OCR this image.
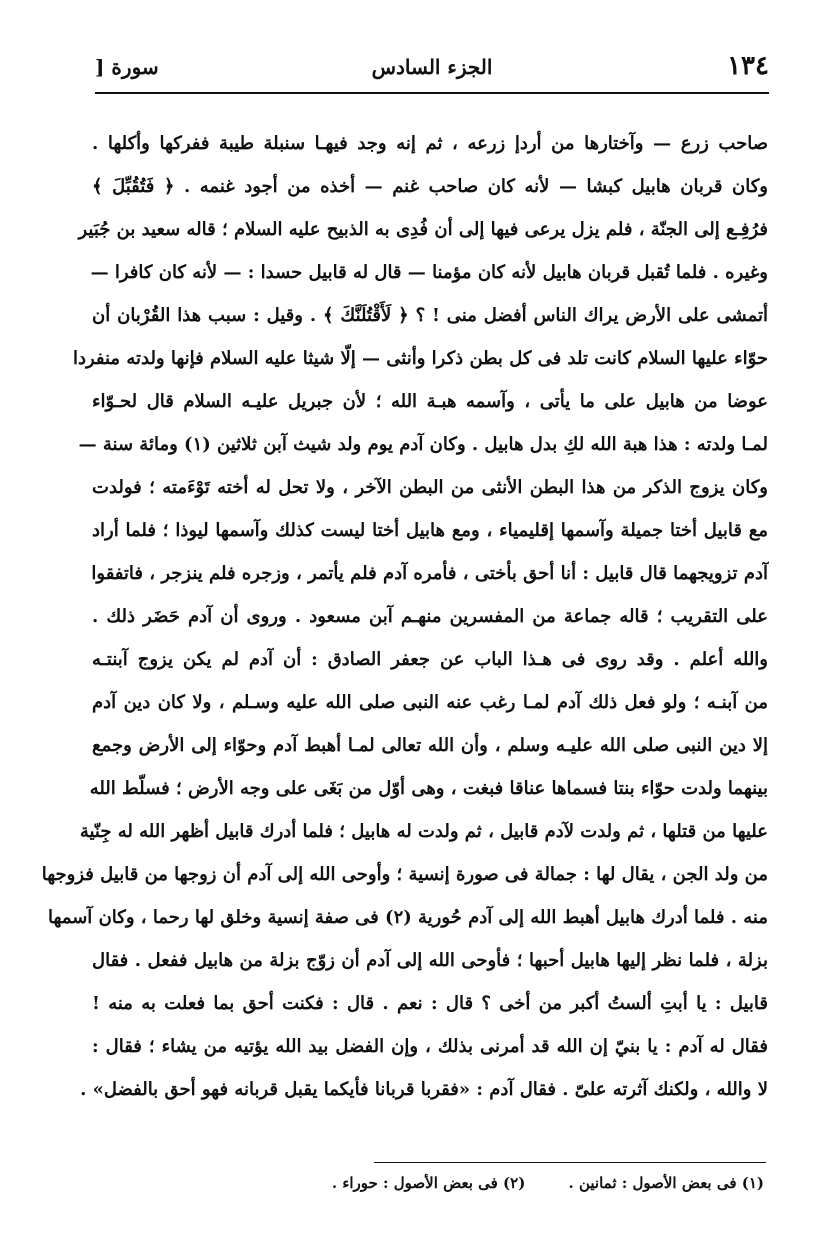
١٣٤
الجزء السادس
سورة [
صاحب زرع — وآختارها من أردإ زرعه ، ثم إنه وجد فيهـا سنبلة طيبة ففركها وأكلها .
وكان قربان هابيل كبشا — لأنه كان صاحب غنم — أخذه من أجود غنمه . ﴿ فَتُقُبِّلَ ﴾
فرُفِـع إلى الجنّة ، فلم يزل يرعى فيها إلى أن فُدِى به الذبيح عليه السلام ؛ قاله سعيد بن جُبَير
وغيره . فلما تُقبل قربان هابيل لأنه كان مؤمنا — قال له قابيل حسدا : — لأنه كان كافرا —
أتمشى على الأرض يراك الناس أفضل منى ! ؟ ﴿ لَأَقْتُلَنَّكَ ﴾ . وقيل : سبب هذا القُرْبان أن
حوّاء عليها السلام كانت تلد فى كل بطن ذكرا وأنثى — إلّا شيثا عليه السلام فإنها ولدته منفردا
عوضا من هابيل على ما يأتى ، وآسمه هبـة الله ؛ لأن جبريل عليـه السلام قال لحـوّاء
لمـا ولدته : هذا هبة الله لكِ بدل هابيل . وكان آدم يوم ولد شيث آبن ثلاثين (١) ومائة سنة —
وكان يزوج الذكر من هذا البطن الأنثى من البطن الآخر ، ولا تحل له أخته تَوْءَمته ؛ فولدت
مع قابيل أختا جميلة وآسمها إقليمياء ، ومع هابيل أختا ليست كذلك وآسمها ليوذا ؛ فلما أراد
آدم تزويجهما قال قابيل : أنا أحق بأختى ، فأمره آدم فلم يأتمر ، وزجره فلم ينزجر ، فاتفقوا
على التقريب ؛ قاله جماعة من المفسرين منهـم آبن مسعود . وروى أن آدم حَضَر ذلك .
والله أعلم . وقد روى فى هـذا الباب عن جعفر الصادق : أن آدم لم يكن يزوج آبنتـه
من آبنـه ؛ ولو فعل ذلك آدم لمـا رغب عنه النبى صلى الله عليه وسـلم ، ولا كان دين آدم
إلا دين النبى صلى الله عليـه وسلم ، وأن الله تعالى لمـا أهبط آدم وحوّاء إلى الأرض وجمع
بينهما ولدت حوّاء بنتا فسماها عناقا فبغت ، وهى أوّل من بَغَى على وجه الأرض ؛ فسلّط الله
عليها من قتلها ، ثم ولدت لآدم قابيل ، ثم ولدت له هابيل ؛ فلما أدرك قابيل أظهر الله له جِنّية
من ولد الجن ، يقال لها : جمالة فى صورة إنسية ؛ وأوحى الله إلى آدم أن زوجها من قابيل فزوجها
منه . فلما أدرك هابيل أهبط الله إلى آدم حُورية (٢) فى صفة إنسية وخلق لها رحما ، وكان آسمها
بزلة ، فلما نظر إليها هابيل أحبها ؛ فأوحى الله إلى آدم أن زوّج بزلة من هابيل ففعل . فقال
قابيل : يا أبتِ ألستُ أكبر من أخى ؟ قال : نعم . قال : فكنت أحق بما فعلت به منه !
فقال له آدم : يا بنيّ إن الله قد أمرنى بذلك ، وإن الفضل بيد الله يؤتيه من يشاء ؛ فقال :
لا والله ، ولكنك آثرته علىّ . فقال آدم : «فقربا قربانا فأيكما يقبل قربانه فهو أحق بالفضل» .
(١) فى بعض الأصول : ثمانين . (٢) فى بعض الأصول : حوراء .
